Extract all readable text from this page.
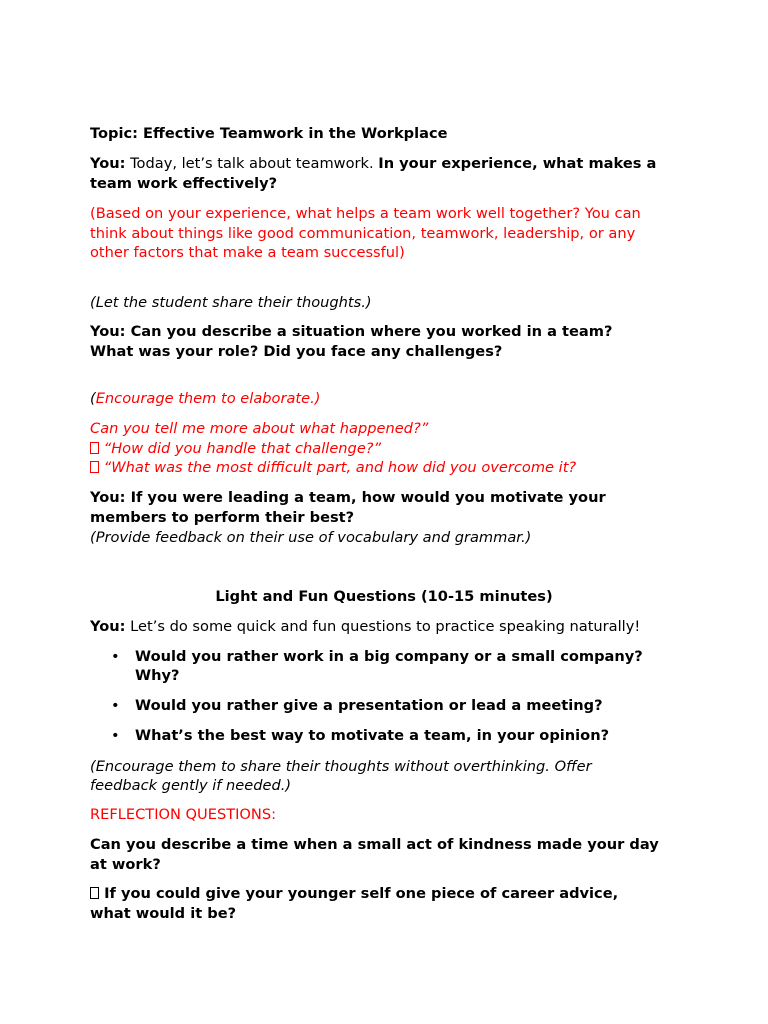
Topic: Effective Teamwork in the Workplace
You: Today, let’s talk about teamwork. In your experience, what makes a
team work effectively?
(Based on your experience, what helps a team work well together? You can
think about things like good communication, teamwork, leadership, or any
other factors that make a team successful)
(Let the student share their thoughts.)
You: Can you describe a situation where you worked in a team?
What was your role? Did you face any challenges?
(Encourage them to elaborate.)
Can you tell me more about what happened?”
“How did you handle that challenge?”
“What was the most difficult part, and how did you overcome it?
You: If you were leading a team, how would you motivate your
members to perform their best?
(Provide feedback on their use of vocabulary and grammar.)
Light and Fun Questions (10-15 minutes)
You: Let’s do some quick and fun questions to practice speaking naturally!
• Would you rather work in a big company or a small company?
Why?
• Would you rather give a presentation or lead a meeting?
• What’s the best way to motivate a team, in your opinion?
(Encourage them to share their thoughts without overthinking. Offer
feedback gently if needed.)
REFLECTION QUESTIONS:
Can you describe a time when a small act of kindness made your day
at work?
If you could give your younger self one piece of career advice,
what would it be?
